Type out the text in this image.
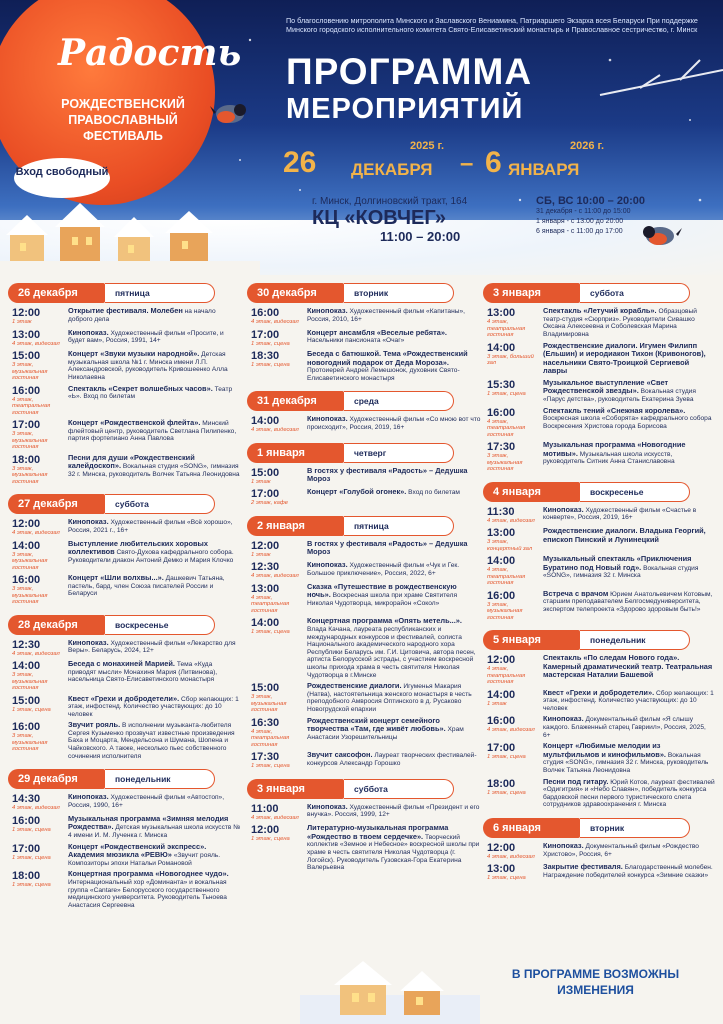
Радость
РОЖДЕСТВЕНСКИЙ ПРАВОСЛАВНЫЙ ФЕСТИВАЛЬ
Вход свободный
По благословению митрополита Минского и Заславского Вениамина, Патриаршего Экзарха всея Беларуси При поддержке Минского городского исполнительного комитета Свято-Елисаветинский монастырь и Православное сестричество, г. Минск
ПРОГРАММА
МЕРОПРИЯТИЙ
2025 г.	2026 г.
26 ДЕКАБРЯ – 6 ЯНВАРЯ
г. Минск, Долгиновский тракт, 164
КЦ «КОВЧЕГ»
11:00 – 20:00
СБ, ВС 10:00 – 20:00
31 декабря - с 11:00 до 15:00
1 января - с 13:00 до 20:00
6 января - с 11:00 до 17:00
26 декабря	пятница
12:00
1 этаж
Открытие фестиваля. Молебен на начало доброго дела
13:00
4 этаж, видеозал
Кинопоказ. Художественный фильм «Просите, и будет вам», Россия, 1991, 14+
15:00
3 этаж, музыкальная гостиная
Концерт «Звуки музыки народной». Детская музыкальная школа №1 г. Минска имени Л.П. Александровской, руководитель Кривошеенко Алла Николаевна
16:00
4 этаж, театральная гостиная
Спектакль «Секрет волшебных часов». Театр «Ь». Вход по билетам
17:00
3 этаж, музыкальная гостиная
Концерт «Рождественской флейта». Минский флейтовый центр, руководитель Светлана Пилипенко, партия фортепиано Анна Павлова
18:00
3 этаж, музыкальная гостиная
Песни для души «Рождественский калейдоскоп». Вокальная студия «SONG», гимназия 32 г. Минска, руководитель Волчек Татьяна Леонидовна
27 декабря	суббота
12:00
4 этаж, видеозал
Кинопоказ. Художественный фильм «Всё хорошо», Россия, 2021 г., 16+
14:00
3 этаж, музыкальная гостиная
Выступление любительских хоровых коллективов Свято-Духова кафедрального собора. Руководители диакон Антоний Демко и Мария Клочко
16:00
3 этаж, музыкальная гостиная
Концерт «Шли волхвы...». Дашкевич Татьяна, пастель, бард, член Союза писателей России и Беларуси
28 декабря	воскресенье
12:30
4 этаж, видеозал
Кинопоказ. Художественный фильм «Лекарство для Веры». Беларусь, 2024, 12+
14:00
3 этаж, музыкальная гостиная
Беседа с монахиней Марией. Тема «Куда приводят мысли» Монахиня Мария (Литвинова), насельница Свято-Елисаветинского монастыря
15:00
1 этаж, сцена
Квест «Грехи и добродетели». Сбор желающих: 1 этаж, инфостенд. Количество участвующих: до 10 человек
16:00
3 этаж, музыкальная гостиная
Звучит рояль. В исполнении музыканта-любителя Сергея Кузьменко прозвучат известные произведения Баха и Моцарта, Мендельсона и Шумана, Шопена и Чайковского. А также, несколько пьес собственного сочинения исполнителя
29 декабря	понедельник
14:30
4 этаж, видеозал
Кинопоказ. Художественный фильм «Автостоп», Россия, 1990, 16+
16:00
1 этаж, сцена
Музыкальная программа «Зимняя мелодия Рождества». Детская музыкальная школа искусств № 4 имени И. М. Лученка г. Минска
17:00
1 этаж, сцена
Концерт «Рождественский экспресс». Академия мюзикла «РЕВЮ» «Звучит рояль. Композиторы эпохи Натальи Романовой
18:00
1 этаж, сцена
Концертная программа «Новогоднее чудо». Интернациональный хор «Доминанта» и вокальная группа «Cantare» Белорусского государственного медицинского университета. Руководитель Тьноева Анастасия Сергеевна
30 декабря	вторник
16:00
4 этаж, видеозал
Кинопоказ. Художественный фильм «Капитаны», Россия, 2010, 16+
17:00
1 этаж, сцена
Концерт ансамбля «Веселые ребята». Насельники пансионата «Очаг»
18:30
1 этаж, сцена
Беседа с батюшкой. Тема «Рождественский новогодний подарок от Деда Мороза». Протоиерей Андрей Лемешонок, духовник Свято-Елисаветинского монастыря
31 декабря	среда
14:00
4 этаж, видеозал
Кинопоказ. Художественный фильм «Со мною вот что происходит», Россия, 2019, 16+
1 января	четверг
15:00
1 этаж
В гостях у фестиваля «Радость» – Дедушка Мороз
17:00
2 этаж, кафе
Концерт «Голубой огонек». Вход по билетам
2 января	пятница
12:00
1 этаж
В гостях у фестиваля «Радость» – Дедушка Мороз
12:30
4 этаж, видеозал
Кинопоказ. Художественный фильм «Чук и Гек. Большое приключение», Россия, 2022, 6+
13:00
4 этаж, театральная гостиная
Сказка «Путешествие в рождественскую ночь». Воскресная школа при храме Святителя Николая Чудотворца, микрорайон «Сокол»
14:00
1 этаж, сцена
Концертная программа «Опять метель...». Влада Качана, лауреата республиканских и международных конкурсов и фестивалей, солиста Национального академического народного хора Республики Беларусь им. Г.И. Цитовича, автора песен, артиста Белорусской эстрады, с участием воскресной школы прихода храма в честь святителя Николая Чудотворца в г.Минске
15:00
3 этаж, музыкальная гостиная
Рождественские диалоги. Игуменья Макария (Натва), настоятельница женского монастыря в честь преподобного Амвросия Оптинского в д. Русаково Новогрудской епархии
16:30
4 этаж, театральная гостиная
Рождественский концерт семейного творчества «Там, где живёт любовь». Храм Анастасии Узорешительницы
17:30
1 этаж, сцена
Звучит саксофон. Лауреат творческих фестивалей-конкурсов Александр Горошко
3 января	суббота
11:00
4 этаж, видеозал
Кинопоказ. Художественный фильм «Президент и его внучка». Россия, 1999, 12+
12:00
1 этаж, сцена
Литературно-музыкальная программа «Рождество в твоем сердечке». Творческий коллектив «Земное и Небесное» воскресной школы при храме в честь святителя Николая Чудотворца (г. Логойск). Руководитель Гузовская-Гора Екатерина Валерьевна
3 января	суббота
13:00
4 этаж, театральная гостиная
Спектакль «Летучий корабль». Образцовый театр-студия «Сюрприз». Руководители Сивашко Оксана Алексеевна и Соболевская Марина Владимировна
14:00
3 этаж, больший зал
Рождественские диалоги. Игумен Филипп (Ельшин) и иеродиакон Тихон (Кривоногов), насельники Свято-Троицкой Сергиевой лавры
15:30
1 этаж, сцена
Музыкальное выступление «Свет Рождественской звезды». Вокальная студия «Парус детства», руководитель Екатерина Зуева
16:00
4 этаж, театральная гостиная
Спектакль тений «Снежная королева». Воскресная школа «Соборята» кафедрального собора Воскресения Христова города Борисова
17:30
3 этаж, музыкальная гостиная
Музыкальная программа «Новогодние мотивы». Музыкальная школа искусств, руководитель Ситник Анна Станиславовна
4 января	воскресенье
11:30
4 этаж, видеозал
Кинопоказ. Художественный фильм «Счастье в конверте», Россия, 2019, 16+
13:00
3 этаж, концертный зал
Рождественские диалоги. Владыка Георгий, епископ Пинский и Лунинецкий
14:00
4 этаж, театральная гостиная
Музыкальный спектакль «Приключения Буратино под Новый год». Вокальная студия «SONG», гимназия 32 г. Минска
16:00
3 этаж, музыкальная гостиная
Встреча с врачом Юрием Анатольевичем Котовым, старшим преподавателем Белгосмедуниверситета, экспертом телепроекта «Здорово здоровым быть!»
5 января	понедельник
12:00
4 этаж, театральная гостиная
Спектакль «По следам Нового года». Камерный драматический театр. Театральная мастерская Наталии Башевой
14:00
1 этаж
Квест «Грехи и добродетели». Сбор желающих: 1 этаж, инфостенд. Количество участвующих: до 10 человек
16:00
4 этаж, видеозал
Кинопоказ. Документальный фильм «Я слышу каждого. Блаженный старец Гавриил», Россия, 2025, 6+
17:00
1 этаж, сцена
Концерт «Любимые мелодии из мультфильмов и кинофильмов». Вокальная студия «SONG», гимназия 32 г. Минска, руководитель Волчек Татьяна Леонидовна
18:00
1 этаж, сцена
Песни под гитару. Юрий Котов, лауреат фестивалей «Одигитрия» и «Небо Славян», победитель конкурса бардовской песни первого туристического слета сотрудников здравоохранения г. Минска
6 января	вторник
12:00
4 этаж, видеозал
Кинопоказ. Документальный фильм «Рождество Христово», Россия, 6+
13:00
1 этаж, сцена
Закрытие фестиваля. Благодарственный молебен. Награждение победителей конкурса «Зимние сказки»
В ПРОГРАММЕ ВОЗМОЖНЫ ИЗМЕНЕНИЯ
